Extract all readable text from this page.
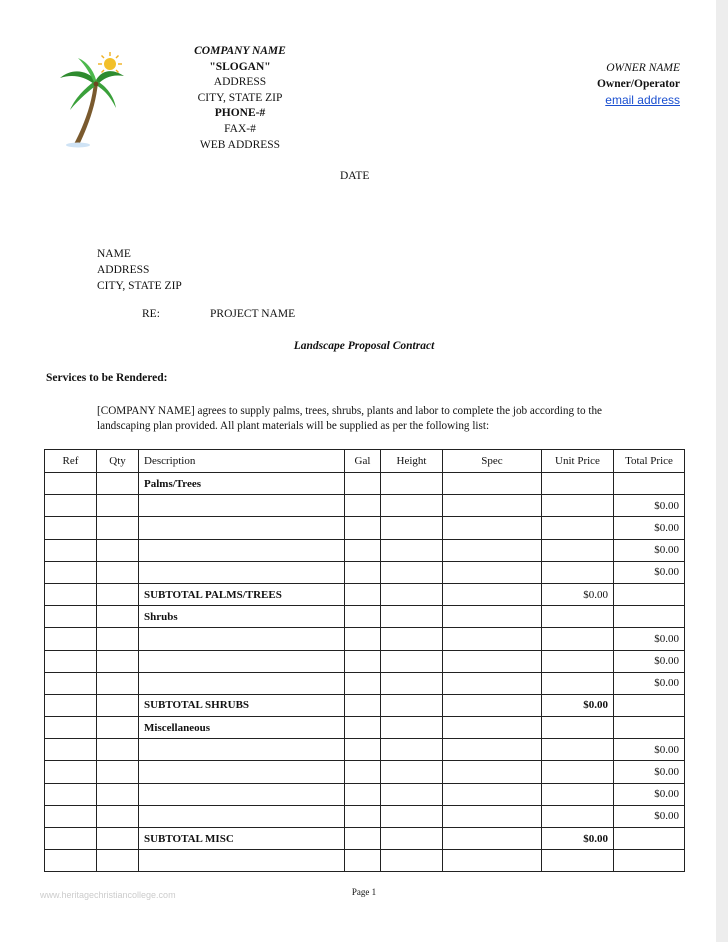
COMPANY NAME
"SLOGAN"
ADDRESS
CITY, STATE ZIP
PHONE-#
FAX-#
WEB ADDRESS
OWNER NAME
Owner/Operator
email address
DATE
NAME
ADDRESS
CITY, STATE ZIP
RE:	PROJECT NAME
Landscape Proposal Contract
Services to be Rendered:
[COMPANY NAME] agrees to supply palms, trees, shrubs, plants and labor to complete the job according to the landscaping plan provided. All plant materials will be supplied as per the following list:
Ref	Qty	Description	Gal	Height	Spec	Unit Price	Total Price
		Palms/Trees					
							$0.00
							$0.00
							$0.00
							$0.00
		SUBTOTAL PALMS/TREES				$0.00	
		Shrubs					
							$0.00
							$0.00
							$0.00
		SUBTOTAL SHRUBS				$0.00	
		Miscellaneous					
							$0.00
							$0.00
							$0.00
							$0.00
		SUBTOTAL MISC				$0.00	

Page 1
www.heritagechristiancollege.com
